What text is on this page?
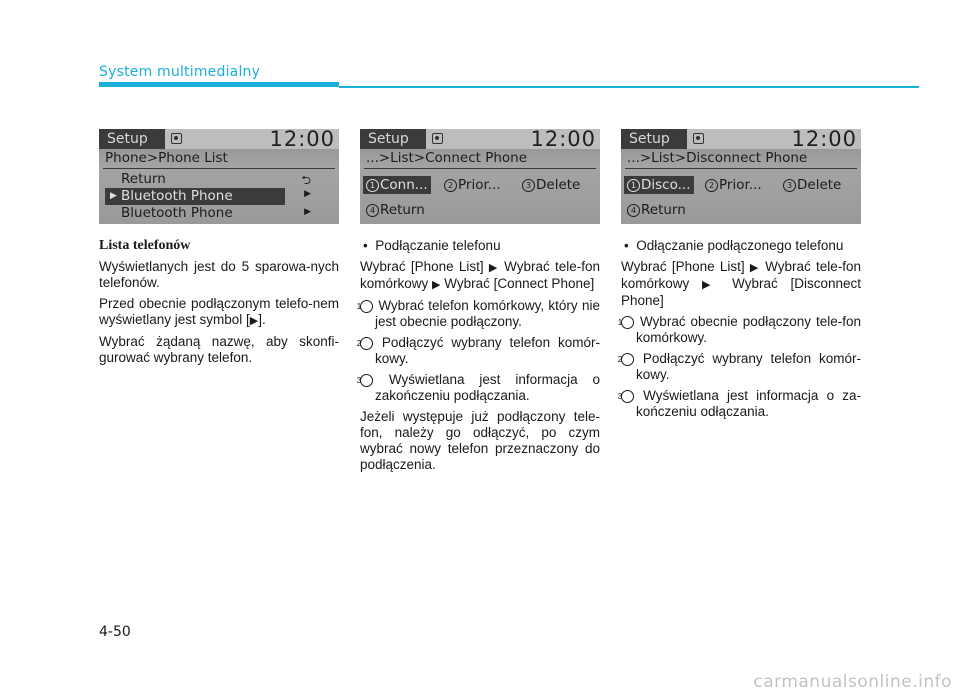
System multimedialny
Setup	12:00
Phone>Phone List
Return	⮌
▶ Bluetooth Phone	▶
Bluetooth Phone	▶
Setup	12:00
...>List>Connect Phone
1 Conn...	2 Prior...	3 Delete
4 Return
Setup	12:00
...>List>Disconnect Phone
1 Disco...	2 Prior...	3 Delete
4 Return

Lista telefonów

Wyświetlanych jest do 5 sparowa-nych telefonów.

Przed obecnie podłączonym telefo-nem wyświetlany jest symbol [▶].

Wybrać żądaną nazwę, aby skonfi-gurować wybrany telefon.

•  Podłączanie telefonu

Wybrać [Phone List] ▶ Wybrać tele-fon komórkowy ▶ Wybrać [Connect Phone]

1 Wybrać telefon komórkowy, który nie jest obecnie podłączony.

2 Podłączyć wybrany telefon komór-kowy.

3 Wyświetlana jest informacja o zakończeniu podłączania.

Jeżeli występuje już podłączony tele-fon, należy go odłączyć, po czym wybrać nowy telefon przeznaczony do podłączenia.

•  Odłączanie podłączonego telefonu

Wybrać [Phone List] ▶ Wybrać tele-fon komórkowy ▶ Wybrać [Disconnect Phone]

1 Wybrać obecnie podłączony tele-fon komórkowy.

2 Podłączyć wybrany telefon komór-kowy.

3 Wyświetlana jest informacja o za-kończeniu odłączania.

4-50
carmanualsonline.info
